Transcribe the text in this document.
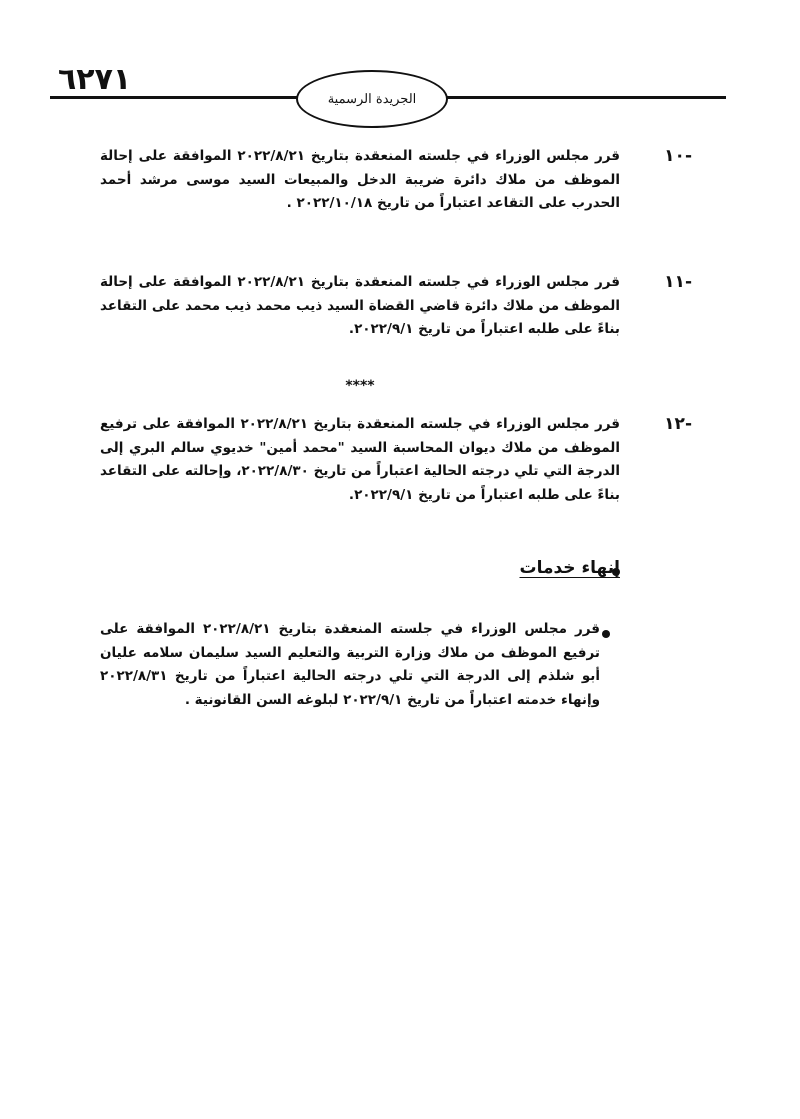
٦٢٧١
الجريدة الرسمية
١٠-

قرر مجلس الوزراء في جلسته المنعقدة بتاريخ ٢٠٢٢/٨/٢١ الموافقة على إحالة الموظف من ملاك دائرة ضريبة الدخل والمبيعات السيد موسى مرشد أحمد الحدرب على التقاعد اعتباراً من تاريخ ٢٠٢٢/١٠/١٨ .

١١-

قرر مجلس الوزراء في جلسته المنعقدة بتاريخ ٢٠٢٢/٨/٢١ الموافقة على إحالة الموظف من ملاك دائرة قاضي القضاة السيد ذيب محمد ذيب محمد على التقاعد بناءً على طلبه اعتباراً من تاريخ ٢٠٢٢/٩/١.

****
١٢-

قرر مجلس الوزراء في جلسته المنعقدة بتاريخ ٢٠٢٢/٨/٢١ الموافقة على ترفيع الموظف من ملاك ديوان المحاسبة السيد "محمد أمين" خديوي سالم البري إلى الدرجة التي تلي درجته الحالية اعتباراً من تاريخ ٢٠٢٢/٨/٣٠، وإحالته على التقاعد بناءً على طلبه اعتباراً من تاريخ ٢٠٢٢/٩/١.

إنهاء خدمات

قرر مجلس الوزراء في جلسته المنعقدة بتاريخ ٢٠٢٢/٨/٢١ الموافقة على ترفيع الموظف من ملاك وزارة التربية والتعليم السيد سليمان سلامه عليان أبو شلذم إلى الدرجة التي تلي درجته الحالية اعتباراً من تاريخ ٢٠٢٢/٨/٣١ وإنهاء خدمته اعتباراً من تاريخ ٢٠٢٢/٩/١ لبلوغه السن القانونية .
